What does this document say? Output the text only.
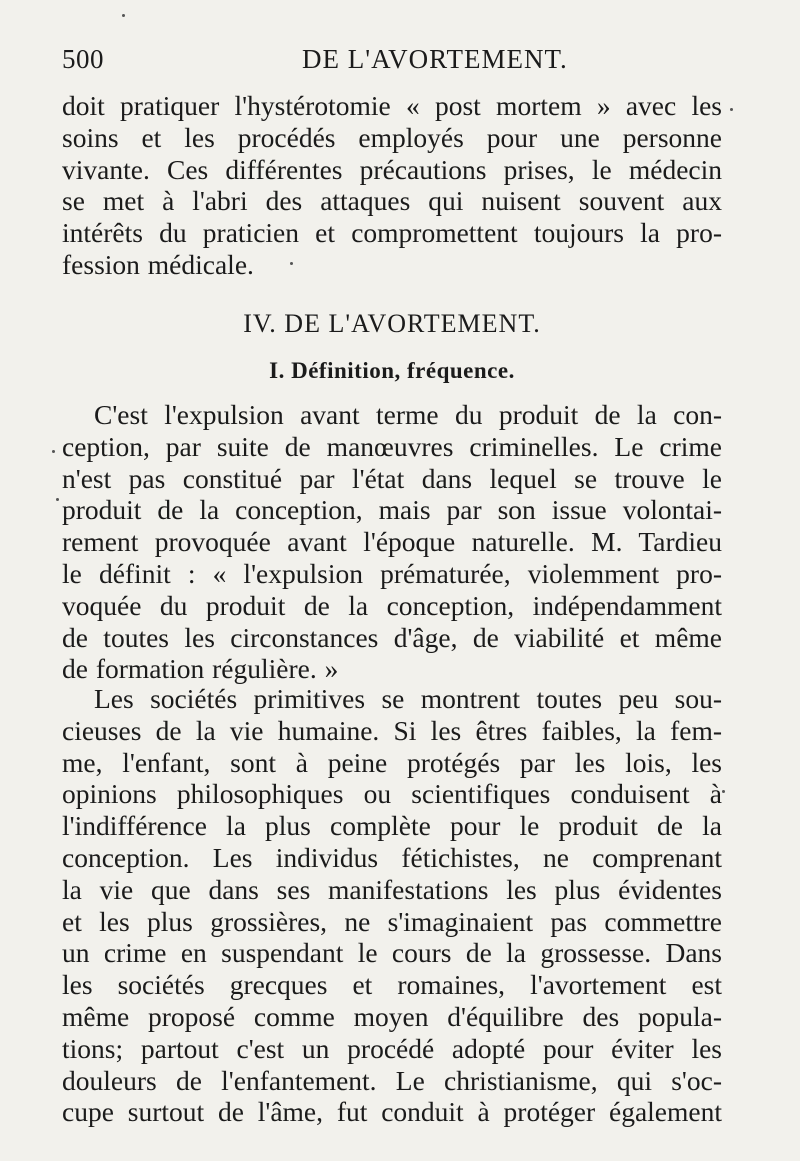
500	DE L'AVORTEMENT.
doit pratiquer l'hystérotomie « post mortem » avec les
soins et les procédés employés pour une personne
vivante. Ces différentes précautions prises, le médecin
se met à l'abri des attaques qui nuisent souvent aux
intérêts du praticien et compromettent toujours la pro-
fession médicale.
IV. DE L'AVORTEMENT.
I. Définition, fréquence.
C'est l'expulsion avant terme du produit de la con-
ception, par suite de manœuvres criminelles. Le crime
n'est pas constitué par l'état dans lequel se trouve le
produit de la conception, mais par son issue volontai-
rement provoquée avant l'époque naturelle. M. Tardieu
le définit : « l'expulsion prématurée, violemment pro-
voquée du produit de la conception, indépendamment
de toutes les circonstances d'âge, de viabilité et même
de formation régulière. »
Les sociétés primitives se montrent toutes peu sou-
cieuses de la vie humaine. Si les êtres faibles, la fem-
me, l'enfant, sont à peine protégés par les lois, les
opinions philosophiques ou scientifiques conduisent à
l'indifférence la plus complète pour le produit de la
conception. Les individus fétichistes, ne comprenant
la vie que dans ses manifestations les plus évidentes
et les plus grossières, ne s'imaginaient pas commettre
un crime en suspendant le cours de la grossesse. Dans
les sociétés grecques et romaines, l'avortement est
même proposé comme moyen d'équilibre des popula-
tions; partout c'est un procédé adopté pour éviter les
douleurs de l'enfantement. Le christianisme, qui s'oc-
cupe surtout de l'âme, fut conduit à protéger également
